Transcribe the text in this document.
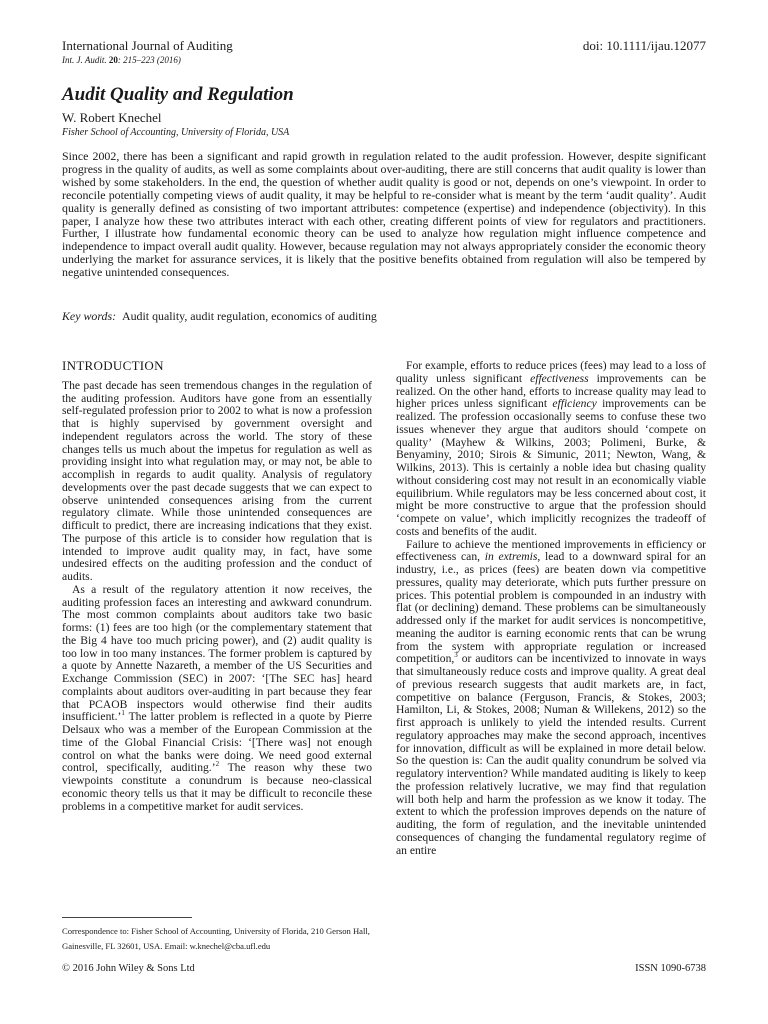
International Journal of Auditing
Int. J. Audit. 20: 215–223 (2016)
doi: 10.1111/ijau.12077
Audit Quality and Regulation
W. Robert Knechel
Fisher School of Accounting, University of Florida, USA

Since 2002, there has been a significant and rapid growth in regulation related to the audit profession. However, despite significant progress in the quality of audits, as well as some complaints about over-auditing, there are still concerns that audit quality is lower than wished by some stakeholders. In the end, the question of whether audit quality is good or not, depends on one’s viewpoint. In order to reconcile potentially competing views of audit quality, it may be helpful to re-consider what is meant by the term ‘audit quality’. Audit quality is generally defined as consisting of two important attributes: competence (expertise) and independence (objectivity). In this paper, I analyze how these two attributes interact with each other, creating different points of view for regulators and practitioners. Further, I illustrate how fundamental economic theory can be used to analyze how regulation might influence competence and independence to impact overall audit quality. However, because regulation may not always appropriately consider the economic theory underlying the market for assurance services, it is likely that the positive benefits obtained from regulation will also be tempered by negative unintended consequences.

Key words: Audit quality, audit regulation, economics of auditing

INTRODUCTION

The past decade has seen tremendous changes in the regulation of the auditing profession. Auditors have gone from an essentially self-regulated profession prior to 2002 to what is now a profession that is highly supervised by government oversight and independent regulators across the world. The story of these changes tells us much about the impetus for regulation as well as providing insight into what regulation may, or may not, be able to accomplish in regards to audit quality. Analysis of regulatory developments over the past decade suggests that we can expect to observe unintended consequences arising from the current regulatory climate. While those unintended consequences are difficult to predict, there are increasing indications that they exist. The purpose of this article is to consider how regulation that is intended to improve audit quality may, in fact, have some undesired effects on the auditing profession and the conduct of audits.

As a result of the regulatory attention it now receives, the auditing profession faces an interesting and awkward conundrum. The most common complaints about auditors take two basic forms: (1) fees are too high (or the complementary statement that the Big 4 have too much pricing power), and (2) audit quality is too low in too many instances. The former problem is captured by a quote by Annette Nazareth, a member of the US Securities and Exchange Commission (SEC) in 2007: ‘[The SEC has] heard complaints about auditors over-auditing in part because they fear that PCAOB inspectors would otherwise find their audits insufficient.’$^1$ The latter problem is reflected in a quote by Pierre Delsaux who was a member of the European Commission at the time of the Global Financial Crisis: ‘[There was] not enough control on what the banks were doing. We need good external control, specifically, auditing.’$^2$ The reason why these two viewpoints constitute a conundrum is because neo-classical economic theory tells us that it may be difficult to reconcile these problems in a competitive market for audit services.

For example, efforts to reduce prices (fees) may lead to a loss of quality unless significant effectiveness improvements can be realized. On the other hand, efforts to increase quality may lead to higher prices unless significant efficiency improvements can be realized. The profession occasionally seems to confuse these two issues whenever they argue that auditors should ‘compete on quality’ (Mayhew & Wilkins, 2003; Polimeni, Burke, & Benyaminy, 2010; Sirois & Simunic, 2011; Newton, Wang, & Wilkins, 2013). This is certainly a noble idea but chasing quality without considering cost may not result in an economically viable equilibrium. While regulators may be less concerned about cost, it might be more constructive to argue that the profession should ‘compete on value’, which implicitly recognizes the tradeoff of costs and benefits of the audit.

Failure to achieve the mentioned improvements in efficiency or effectiveness can, in extremis, lead to a downward spiral for an industry, i.e., as prices (fees) are beaten down via competitive pressures, quality may deteriorate, which puts further pressure on prices. This potential problem is compounded in an industry with flat (or declining) demand. These problems can be simultaneously addressed only if the market for audit services is noncompetitive, meaning the auditor is earning economic rents that can be wrung from the system with appropriate regulation or increased competition,$^3$ or auditors can be incentivized to innovate in ways that simultaneously reduce costs and improve quality. A great deal of previous research suggests that audit markets are, in fact, competitive on balance (Ferguson, Francis, & Stokes, 2003; Hamilton, Li, & Stokes, 2008; Numan & Willekens, 2012) so the first approach is unlikely to yield the intended results. Current regulatory approaches may make the second approach, incentives for innovation, difficult as will be explained in more detail below. So the question is: Can the audit quality conundrum be solved via regulatory intervention? While mandated auditing is likely to keep the profession relatively lucrative, we may find that regulation will both help and harm the profession as we know it today. The extent to which the profession improves depends on the nature of auditing, the form of regulation, and the inevitable unintended consequences of changing the fundamental regulatory regime of an entire

Correspondence to: Fisher School of Accounting, University of Florida, 210 Gerson Hall, Gainesville, FL 32601, USA. Email: w.knechel@cba.ufl.edu

© 2016 John Wiley & Sons Ltd	ISSN 1090-6738
